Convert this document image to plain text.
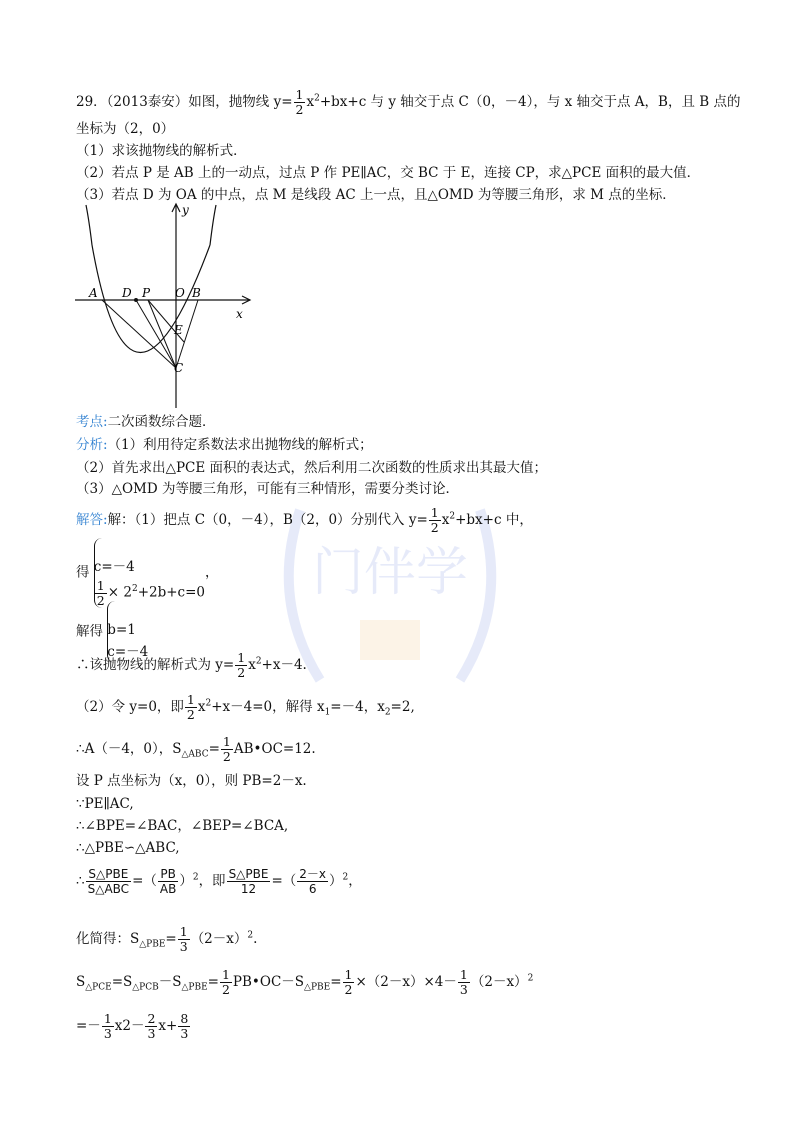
门伴学
29．（2013泰安）如图，抛物线 $y= \frac{1}{2} x^2+bx+c$ 与 y 轴交于点 C（0，－4），与 x 轴交于点 A，B，且 B 点的
坐标为（2，0）
（1）求该抛物线的解析式．
（2）若点 P 是 AB 上的一动点，过点 P 作 PE∥AC，交 BC 于 E，连接 CP，求△PCE 面积的最大值．
（3）若点 D 为 OA 的中点，点 M 是线段 AC 上一点，且△OMD 为等腰三角形，求 M 点的坐标．
y
x
A D P O B
E
C
考点:二次函数综合题．
分析:（1）利用待定系数法求出抛物线的解析式；
（2）首先求出△PCE 面积的表达式，然后利用二次函数的性质求出其最大值；
（3）△OMD 为等腰三角形，可能有三种情形，需要分类讨论．
解答:解：（1）把点 C（0，－4），B（2，0）分别代入 $y= \frac{1}{2} x^2+bx+c$ 中，
得 c=－4
$\frac{1}{2} \times 2^2+2b+c=0$
，
解得 b=1
c=－4
∴该抛物线的解析式为 $y= \frac{1}{2} x^2+x-4$.
（2）令 y=0，即 $\frac{1}{2} x^2+x-4=0$，解得 $x_1=-4$，$x_2=2$,
∴A（－4，0），$S_{\triangle ABC}= \frac{1}{2}$ AB•OC=12.
设 P 点坐标为（x，0），则 PB=2－x.
∵PE∥AC,
∴∠BPE=∠BAC，∠BEP=∠BCA,
∴△PBE∽△ABC,
∴ $\frac{\text{S△PBE}}{\text{S△ABC}}$ =（ $\frac{PB}{AB} )^2$，即 $\frac{\text{S△PBE}}{12}$ =（ $\frac{2-x}{6} )^2$，
化简得：$S_{\triangle PBE}= \frac{1}{3} (2-x)^2$.
$S_{\triangle PCE}=S_{\triangle PCB}-S_{\triangle PBE}= \frac{1}{2}$ $PB•OC-S_{\triangle PBE}= \frac{1}{2} \times(2-x)\times 4- \frac{1}{3} (2-x)^2$
=－ $\frac{1}{3} x2- \frac{2}{3} x+ \frac{8}{3}$
